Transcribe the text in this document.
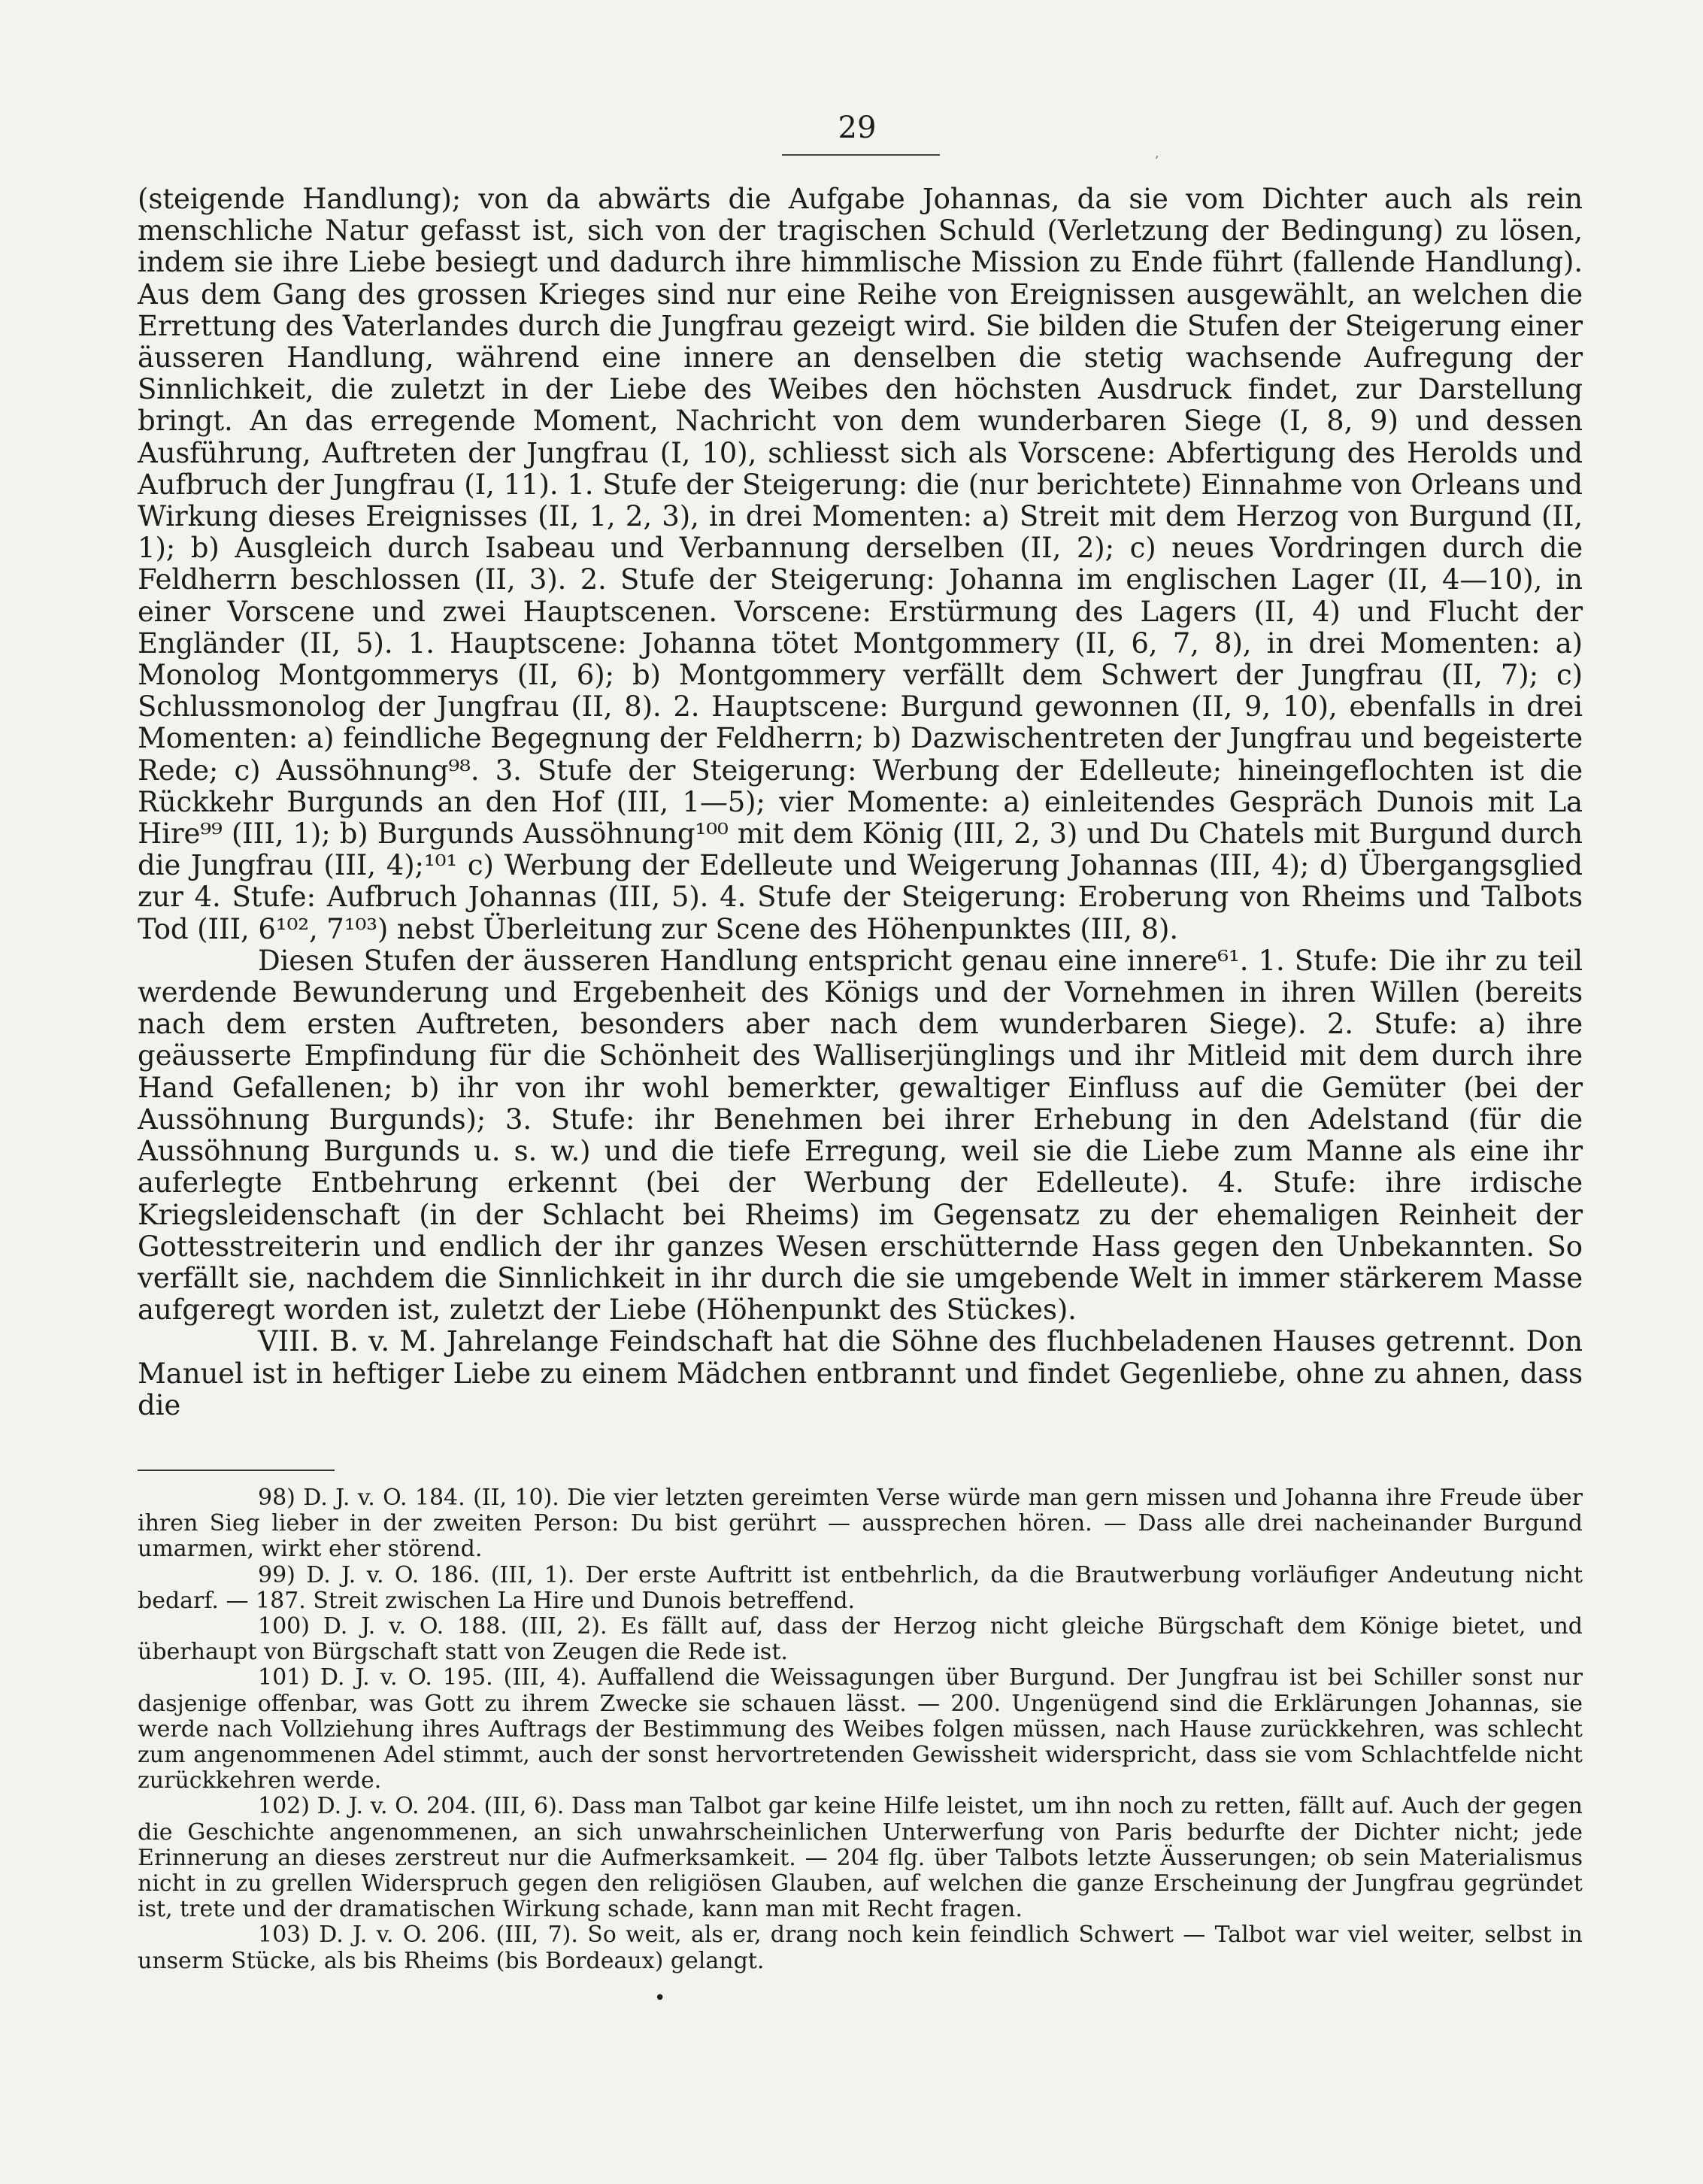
,
29

(steigende Handlung); von da abwärts die Aufgabe Johannas, da sie vom Dichter auch als rein menschliche Natur gefasst ist, sich von der tragischen Schuld (Verletzung der Bedingung) zu lösen, indem sie ihre Liebe besiegt und dadurch ihre himmlische Mission zu Ende führt (fallende Handlung). Aus dem Gang des grossen Krieges sind nur eine Reihe von Ereignissen ausgewählt, an welchen die Errettung des Vaterlandes durch die Jungfrau gezeigt wird. Sie bilden die Stufen der Steigerung einer äusseren Handlung, während eine innere an denselben die stetig wachsende Aufregung der Sinnlichkeit, die zuletzt in der Liebe des Weibes den höchsten Ausdruck findet, zur Darstellung bringt. An das erregende Moment, Nachricht von dem wunderbaren Siege (I, 8, 9) und dessen Ausführung, Auftreten der Jungfrau (I, 10), schliesst sich als Vorscene: Abfertigung des Herolds und Aufbruch der Jungfrau (I, 11). 1. Stufe der Steigerung: die (nur berichtete) Einnahme von Orleans und Wirkung dieses Ereignisses (II, 1, 2, 3), in drei Momenten: a) Streit mit dem Herzog von Burgund (II, 1); b) Ausgleich durch Isabeau und Verbannung derselben (II, 2); c) neues Vordringen durch die Feldherrn beschlossen (II, 3). 2. Stufe der Steigerung: Johanna im englischen Lager (II, 4—10), in einer Vorscene und zwei Hauptscenen. Vorscene: Erstürmung des Lagers (II, 4) und Flucht der Engländer (II, 5). 1. Hauptscene: Johanna tötet Montgommery (II, 6, 7, 8), in drei Momenten: a) Monolog Montgommerys (II, 6); b) Montgommery verfällt dem Schwert der Jungfrau (II, 7); c) Schlussmonolog der Jungfrau (II, 8). 2. Hauptscene: Burgund gewonnen (II, 9, 10), ebenfalls in drei Momenten: a) feindliche Begegnung der Feldherrn; b) Dazwischentreten der Jungfrau und begeisterte Rede; c) Aussöhnung⁹⁸. 3. Stufe der Steigerung: Werbung der Edelleute; hineingeflochten ist die Rückkehr Burgunds an den Hof (III, 1—5); vier Momente: a) einleitendes Gespräch Dunois mit La Hire⁹⁹ (III, 1); b) Burgunds Aussöhnung¹⁰⁰ mit dem König (III, 2, 3) und Du Chatels mit Burgund durch die Jungfrau (III, 4);¹⁰¹ c) Werbung der Edelleute und Weigerung Johannas (III, 4); d) Übergangsglied zur 4. Stufe: Aufbruch Johannas (III, 5). 4. Stufe der Steigerung: Eroberung von Rheims und Talbots Tod (III, 6¹⁰², 7¹⁰³) nebst Überleitung zur Scene des Höhenpunktes (III, 8).

Diesen Stufen der äusseren Handlung entspricht genau eine innere⁶¹. 1. Stufe: Die ihr zu teil werdende Bewunderung und Ergebenheit des Königs und der Vornehmen in ihren Willen (bereits nach dem ersten Auftreten, besonders aber nach dem wunderbaren Siege). 2. Stufe: a) ihre geäusserte Empfindung für die Schönheit des Walliserjünglings und ihr Mitleid mit dem durch ihre Hand Gefallenen; b) ihr von ihr wohl bemerkter, gewaltiger Einfluss auf die Gemüter (bei der Aussöhnung Burgunds); 3. Stufe: ihr Benehmen bei ihrer Erhebung in den Adelstand (für die Aussöhnung Burgunds u. s. w.) und die tiefe Erregung, weil sie die Liebe zum Manne als eine ihr auferlegte Entbehrung erkennt (bei der Werbung der Edelleute). 4. Stufe: ihre irdische Kriegsleidenschaft (in der Schlacht bei Rheims) im Gegensatz zu der ehemaligen Reinheit der Gottesstreiterin und endlich der ihr ganzes Wesen erschütternde Hass gegen den Unbekannten. So verfällt sie, nachdem die Sinnlichkeit in ihr durch die sie umgebende Welt in immer stärkerem Masse aufgeregt worden ist, zuletzt der Liebe (Höhenpunkt des Stückes).

VIII. B. v. M. Jahrelange Feindschaft hat die Söhne des fluchbeladenen Hauses getrennt. Don Manuel ist in heftiger Liebe zu einem Mädchen entbrannt und findet Gegenliebe, ohne zu ahnen, dass die

98) D. J. v. O. 184. (II, 10). Die vier letzten gereimten Verse würde man gern missen und Johanna ihre Freude über ihren Sieg lieber in der zweiten Person: Du bist gerührt — aussprechen hören. — Dass alle drei nacheinander Burgund umarmen, wirkt eher störend.

99) D. J. v. O. 186. (III, 1). Der erste Auftritt ist entbehrlich, da die Brautwerbung vorläufiger Andeutung nicht bedarf. — 187. Streit zwischen La Hire und Dunois betreffend.

100) D. J. v. O. 188. (III, 2). Es fällt auf, dass der Herzog nicht gleiche Bürgschaft dem Könige bietet, und überhaupt von Bürgschaft statt von Zeugen die Rede ist.

101) D. J. v. O. 195. (III, 4). Auffallend die Weissagungen über Burgund. Der Jungfrau ist bei Schiller sonst nur dasjenige offenbar, was Gott zu ihrem Zwecke sie schauen lässt. — 200. Ungenügend sind die Erklärungen Johannas, sie werde nach Vollziehung ihres Auftrags der Bestimmung des Weibes folgen müssen, nach Hause zurückkehren, was schlecht zum angenommenen Adel stimmt, auch der sonst hervortretenden Gewissheit widerspricht, dass sie vom Schlachtfelde nicht zurückkehren werde.

102) D. J. v. O. 204. (III, 6). Dass man Talbot gar keine Hilfe leistet, um ihn noch zu retten, fällt auf. Auch der gegen die Geschichte angenommenen, an sich unwahrscheinlichen Unterwerfung von Paris bedurfte der Dichter nicht; jede Erinnerung an dieses zerstreut nur die Aufmerksamkeit. — 204 flg. über Talbots letzte Äusserungen; ob sein Materialismus nicht in zu grellen Widerspruch gegen den religiösen Glauben, auf welchen die ganze Erscheinung der Jungfrau gegründet ist, trete und der dramatischen Wirkung schade, kann man mit Recht fragen.

103) D. J. v. O. 206. (III, 7). So weit, als er, drang noch kein feindlich Schwert — Talbot war viel weiter, selbst in unserm Stücke, als bis Rheims (bis Bordeaux) gelangt.

•
